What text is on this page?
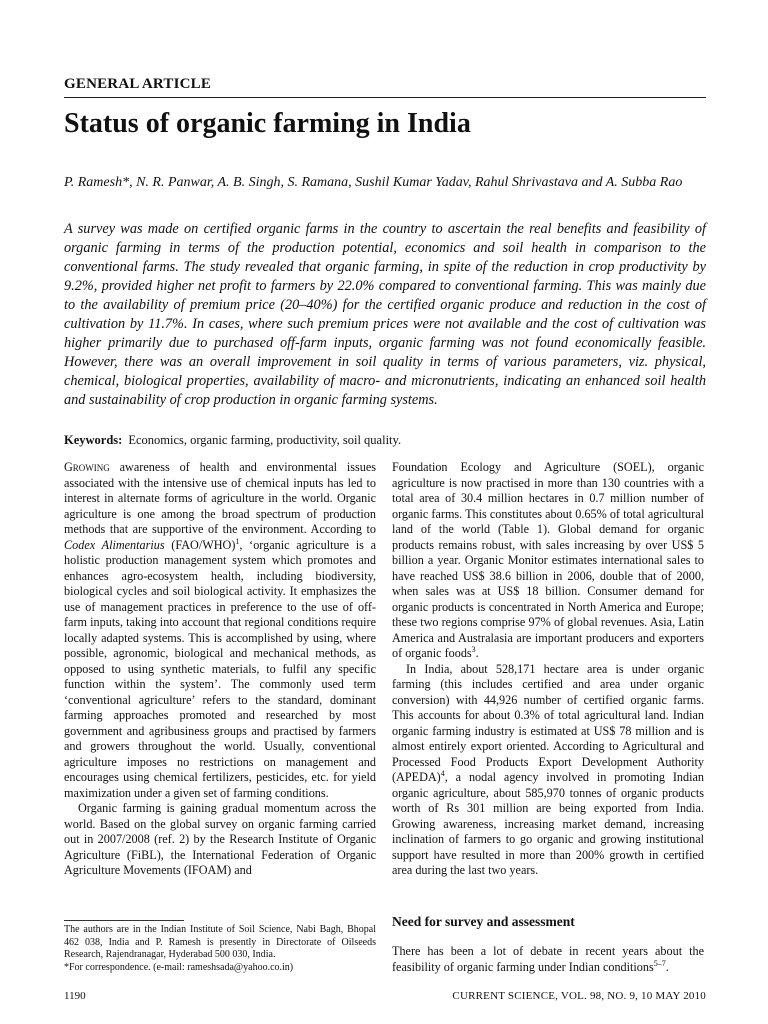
GENERAL ARTICLE
Status of organic farming in India
P. Ramesh*, N. R. Panwar, A. B. Singh, S. Ramana, Sushil Kumar Yadav, Rahul Shrivastava and A. Subba Rao
A survey was made on certified organic farms in the country to ascertain the real benefits and feasibility of organic farming in terms of the production potential, economics and soil health in comparison to the conventional farms. The study revealed that organic farming, in spite of the reduction in crop productivity by 9.2%, provided higher net profit to farmers by 22.0% compared to conventional farming. This was mainly due to the availability of premium price (20–40%) for the certified organic produce and reduction in the cost of cultivation by 11.7%. In cases, where such premium prices were not available and the cost of cultivation was higher primarily due to purchased off-farm inputs, organic farming was not found economically feasible. However, there was an overall improvement in soil quality in terms of various parameters, viz. physical, chemical, biological properties, availability of macro- and micronutrients, indicating an enhanced soil health and sustainability of crop production in organic farming systems.
Keywords: Economics, organic farming, productivity, soil quality.

Growing awareness of health and environmental issues associated with the intensive use of chemical inputs has led to interest in alternate forms of agriculture in the world. Organic agriculture is one among the broad spectrum of production methods that are supportive of the environment. According to Codex Alimentarius $(FAO/WHO)^1$, ‘organic agriculture is a holistic production management system which promotes and enhances agro-ecosystem health, including biodiversity, biological cycles and soil biological activity. It emphasizes the use of management practices in preference to the use of off-farm inputs, taking into account that regional conditions require locally adapted systems. This is accomplished by using, where possible, agronomic, biological and mechanical methods, as opposed to using synthetic materials, to fulfil any specific function within the system’. The commonly used term ‘conventional agriculture’ refers to the standard, dominant farming approaches promoted and researched by most government and agribusiness groups and practised by farmers and growers throughout the world. Usually, conventional agriculture imposes no restrictions on management and encourages using chemical fertilizers, pesticides, etc. for yield maximization under a given set of farming conditions.

Organic farming is gaining gradual momentum across the world. Based on the global survey on organic farming carried out in 2007/2008 (ref. 2) by the Research Institute of Organic Agriculture (FiBL), the International Federation of Organic Agriculture Movements (IFOAM) and

Foundation Ecology and Agriculture (SOEL), organic agriculture is now practised in more than 130 countries with a total area of 30.4 million hectares in 0.7 million number of organic farms. This constitutes about 0.65% of total agricultural land of the world (Table 1). Global demand for organic products remains robust, with sales increasing by over US$ 5 billion a year. Organic Monitor estimates international sales to have reached US$ 38.6 billion in 2006, double that of 2000, when sales was at US$ 18 billion. Consumer demand for organic products is concentrated in North America and Europe; these two regions comprise 97% of global revenues. Asia, Latin America and Australasia are important producers and exporters of organic foods$^3$.

In India, about 528,171 hectare area is under organic farming (this includes certified and area under organic conversion) with 44,926 number of certified organic farms. This accounts for about 0.3% of total agricultural land. Indian organic farming industry is estimated at US$ 78 million and is almost entirely export oriented. According to Agricultural and Processed Food Products Export Development Authority (APEDA)$^4$, a nodal agency involved in promoting Indian organic agriculture, about 585,970 tonnes of organic products worth of Rs 301 million are being exported from India. Growing awareness, increasing market demand, increasing inclination of farmers to go organic and growing institutional support have resulted in more than 200% growth in certified area during the last two years.

Need for survey and assessment

There has been a lot of debate in recent years about the feasibility of organic farming under Indian conditions$^{5-7}$.

The authors are in the Indian Institute of Soil Science, Nabi Bagh, Bhopal 462 038, India and P. Ramesh is presently in Directorate of Oilseeds Research, Rajendranagar, Hyderabad 500 030, India.

*For correspondence. (e-mail: rameshsada@yahoo.co.in)

1190	CURRENT SCIENCE, VOL. 98, NO. 9, 10 MAY 2010
